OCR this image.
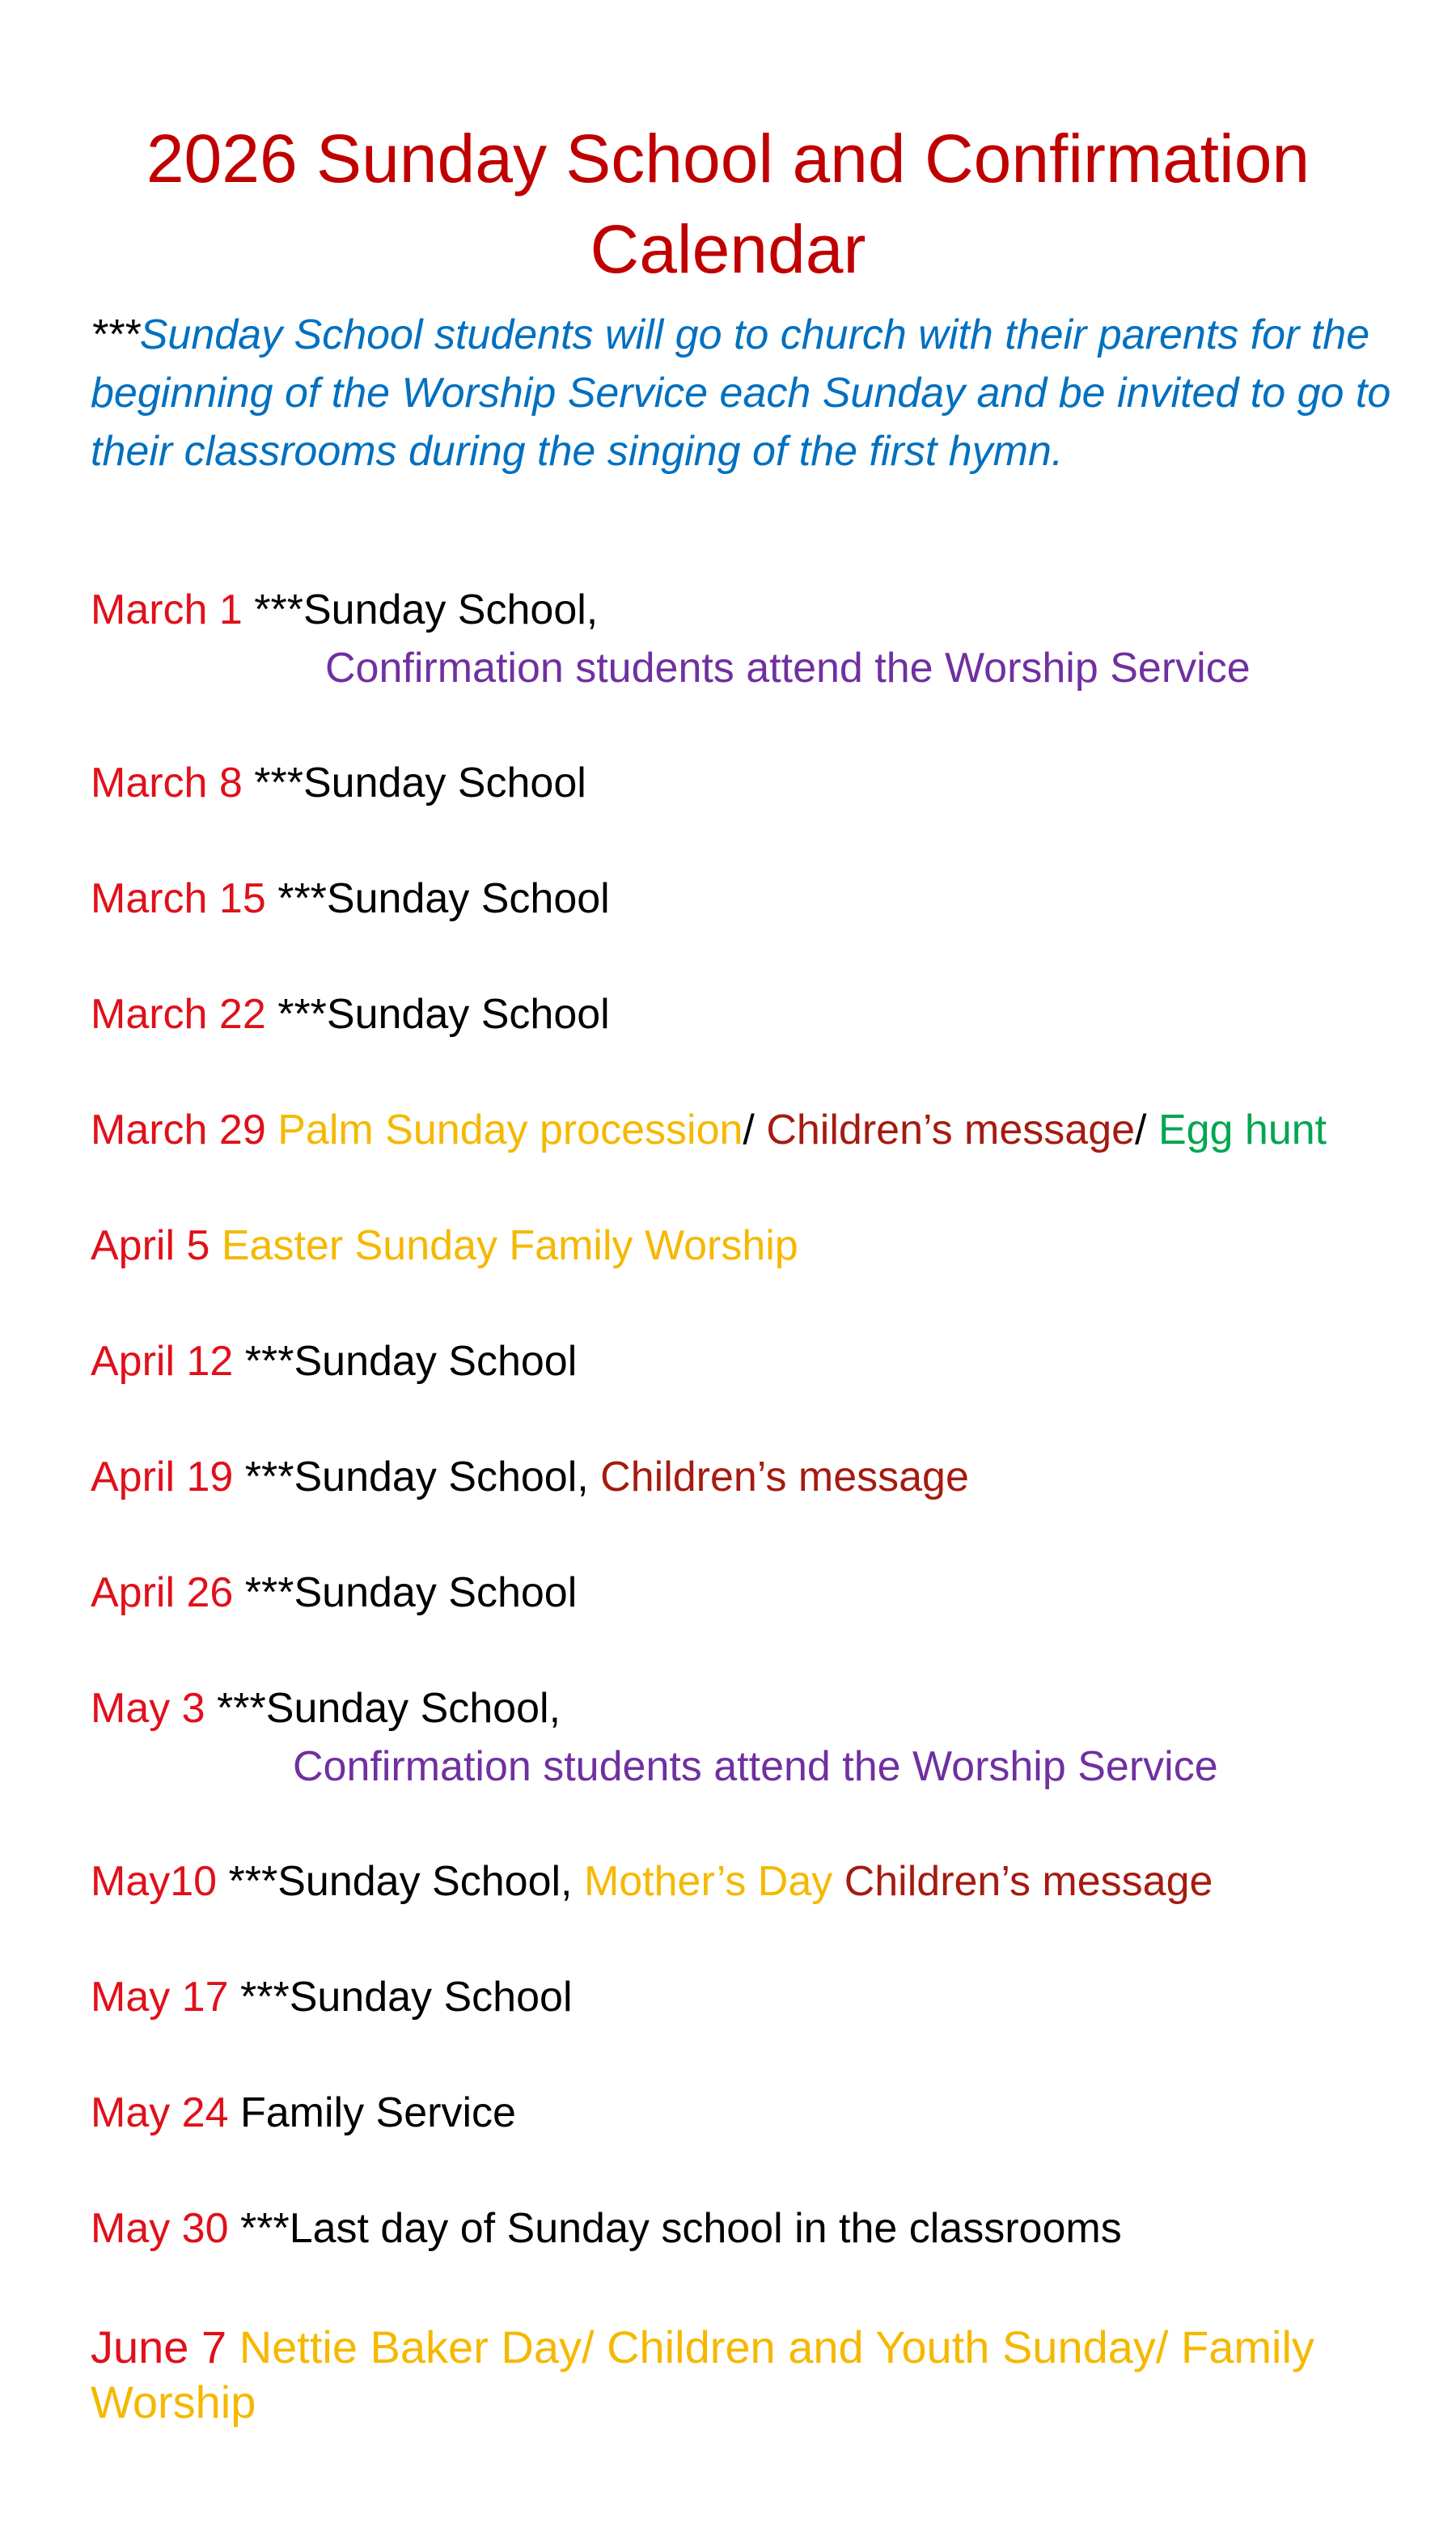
2026 Sunday School and Confirmation
Calendar
***Sunday School students will go to church with their parents for the beginning of the Worship Service each Sunday and be invited to go to their classrooms during the singing of the first hymn.
March 1 ***Sunday School,
Confirmation students attend the Worship Service
March 8 ***Sunday School
March 15 ***Sunday School
March 22 ***Sunday School
March 29 Palm Sunday procession/ Children’s message/ Egg hunt
April 5 Easter Sunday Family Worship
April 12 ***Sunday School
April 19 ***Sunday School, Children’s message
April 26 ***Sunday School
May 3 ***Sunday School,
Confirmation students attend the Worship Service
May10 ***Sunday School, Mother’s Day Children’s message
May 17 ***Sunday School
May 24 Family Service
May 30 ***Last day of Sunday school in the classrooms
June 7 Nettie Baker Day/ Children and Youth Sunday/ Family Worship
